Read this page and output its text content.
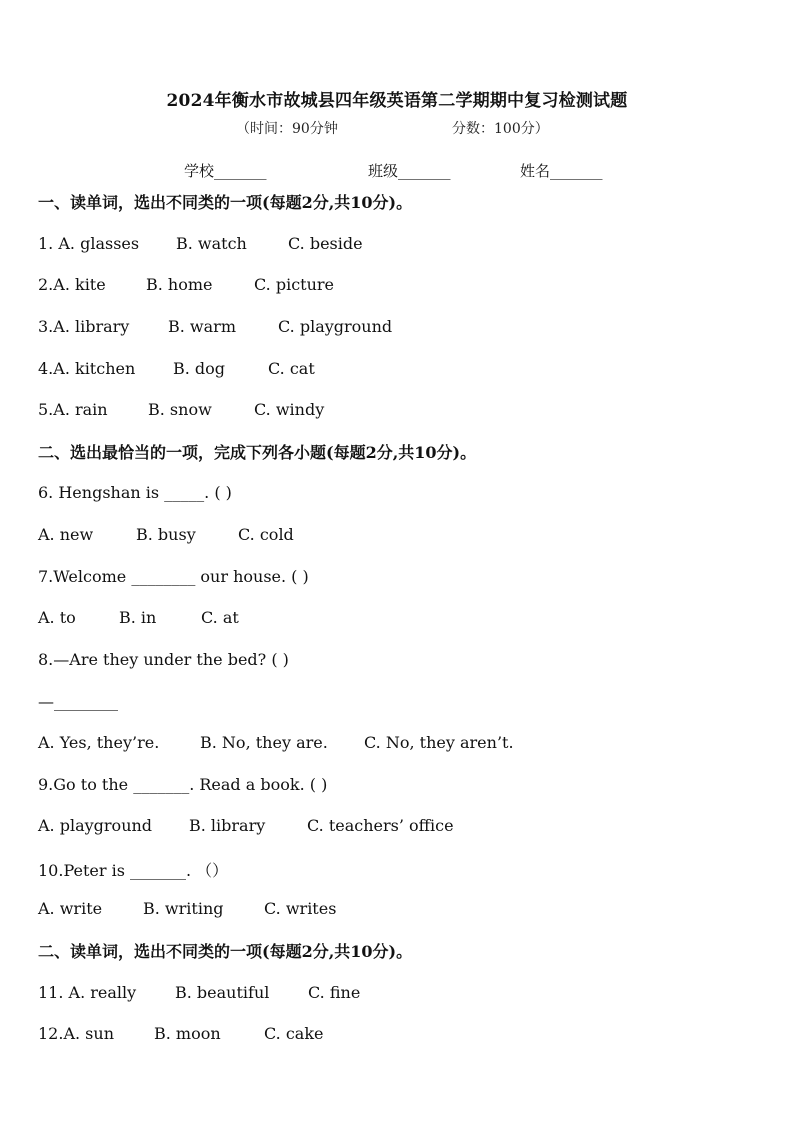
2024年衡水市故城县四年级英语第二学期期中复习检测试题
（时间：90分钟	分数：100分）
学校_______	班级_______	姓名_______
一、读单词，选出不同类的一项(每题2分,共10分)。
1. A. glasses B. watch	C. beside
2.A. kite	B. home	C. picture
3.A. library B. warm	C. playground
4.A. kitchen B. dog	C. cat
5.A. rain	B. snow	C. windy
二、选出最恰当的一项，完成下列各小题(每题2分,共10分)。
6. Hengshan is _____. ( )
A. new	B. busy	C. cold
7.Welcome ________ our house. ( )
A. to	B. in	C. at
8.—Are they under the bed? ( )
—________
A. Yes, they’re.	B. No, they are. C. No, they aren’t.
9.Go to the _______. Read a book. ( )
A. playground B. library	C. teachers’ office
10.Peter is _______. （）
A. write	B. writing	C. writes
二、读单词，选出不同类的一项(每题2分,共10分)。
11. A. really B. beautiful C. fine
12.A. sun	B. moon	C. cake
